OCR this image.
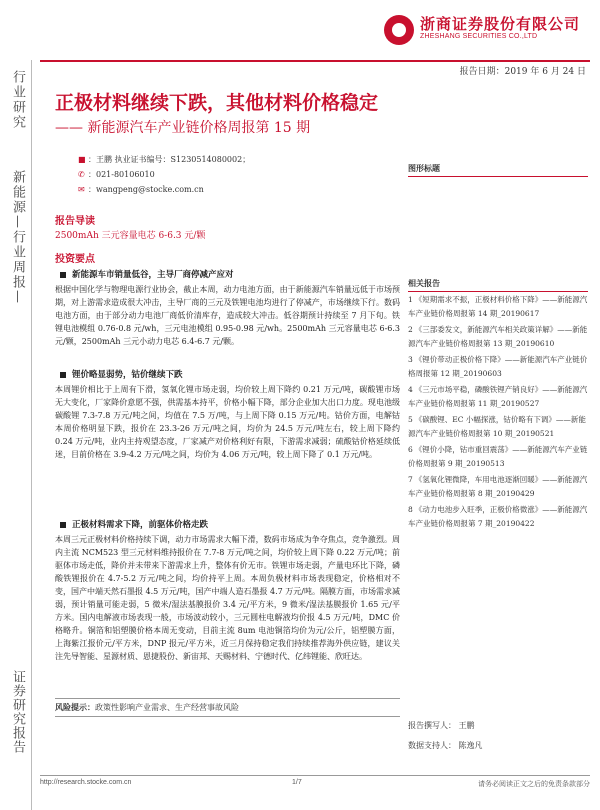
浙商证券股份有限公司
ZHESHANG SECURITIES CO.,LTD
行业研究
新能源—行业周报—
证券研究报告
报告日期：2019 年 6 月 24 日
正极材料继续下跌，其他材料价格稳定
—— 新能源汽车产业链价格周报第 15 期
■ ：王鹏 执业证书编号：S1230514080002；
✆ ：021-80106010
✉ ：wangpeng@stocke.com.cn
图形标题
报告导读
2500mAh 三元容量电芯 6-6.3 元/颗
投资要点
新能源车市销量低谷，主导厂商停减产应对
根据中国化学与物理电源行业协会，截止本周，动力电池方面，由于新能源汽车销量远低于市场预期，对上游需求造成很大冲击，主导厂商的三元及铁锂电池均进行了停减产，市场继续下行。数码电池方面，由于部分动力电池厂商低价清库存，造成较大冲击。低谷期预计持续至 7 月下旬。铁锂电池模组 0.76-0.8 元/wh，三元电池模组 0.95-0.98 元/wh。2500mAh 三元容量电芯 6-6.3 元/颗，2500mAh 三元小动力电芯 6.4-6.7 元/颗。
锂价略显弱势，钴价继续下跌
本周锂价相比于上周有下滑，氢氧化锂市场走弱，均价较上周下降约 0.21 万元/吨，碳酸锂市场无大变化，厂家降价意愿不强，供需基本持平，价格小幅下降，部分企业加大出口力度。现电池级碳酸锂 7.3-7.8 万元/吨之间，均值在 7.5 万/吨，与上周下降 0.15 万元/吨。钴价方面，电解钴本周价格明显下跌，报价在 23.3-26 万元/吨之间，均价为 24.5 万元/吨左右，较上周下降约 0.24 万元/吨，业内主持观望态度，厂家减产对价格利好有限，下游需求减弱；硫酸钴价格延续低迷，目前价格在 3.9-4.2 万元/吨之间，均价为 4.06 万元/吨，较上周下降了 0.1 万元/吨。
正极材料需求下降，前驱体价格走跌
本周三元正极材料价格持续下调，动力市场需求大幅下滑，数码市场成为争夺焦点，竞争激烈。周内主流 NCM523 型三元材料维持报价在 7.7-8 万元/吨之间，均价较上周下降 0.22 万元/吨；前驱体市场走低，降价并未带来下游需求上升，整体有价无市。铁锂市场走弱，产量电环比下降，磷酸铁锂报价在 4.7-5.2 万元/吨之间，均价持平上周。本周负极材料市场表现稳定，价格相对不变，国产中端天然石墨报 4.5 万元/吨，国产中端人造石墨报 4.7 万元/吨。隔膜方面，市场需求减弱，预计销量可能走弱，5 微米/湿法基膜报价 3.4 元/平方米，9 微米/湿法基膜报价 1.65 元/平方米。国内电解液市场表现一般，市场波动较小，三元圆柱电解液均价报 4.5 万元/吨，DMC 价格略升。铜箔和铝塑膜价格本周无变动，目前主流 8um 电池铜箔均价为元/公斤，铝塑膜方面，上海紫江报价元/平方米，DNP 报元/平方米，近三月保持稳定我们持续推荐海外供应链，建议关注先导智能、星源材质、恩捷股份、新宙邦、天赐材料、宁德时代、亿纬锂能、欣旺达。
风险提示：政策性影响产业需求、生产经营事故风险
相关报告
1 《短期需求不振，正极材料价格下降》——新能源汽车产业链价格周报第 14 期_20190617
2 《三部委发文，新能源汽车相关政策详解》——新能源汽车产业链价格周报第 13 期_20190610
3 《锂价带动正极价格下降》——新能源汽车产业链价格周报第 12 期_20190603
4 《三元市场平稳，磷酸铁锂产销良好》——新能源汽车产业链价格周报第 11 期_20190527
5 《碳酸锂、EC 小幅探涨，钴价略有下调》——新能源汽车产业链价格周报第 10 期_20190521
6 《锂价小降，钴市重回震荡》——新能源汽车产业链价格周报第 9 期_20190513
7 《氢氧化锂微降，车用电池逐渐回暖》——新能源汽车产业链价格周报第 8 期_20190429
8 《动力电池步入旺季，正极价格微涨》——新能源汽车产业链价格周报第 7 期_20190422
报告撰写人： 王鹏
数据支持人： 陈逸凡
http://research.stocke.com.cn	1/7	请务必阅读正文之后的免责条款部分
